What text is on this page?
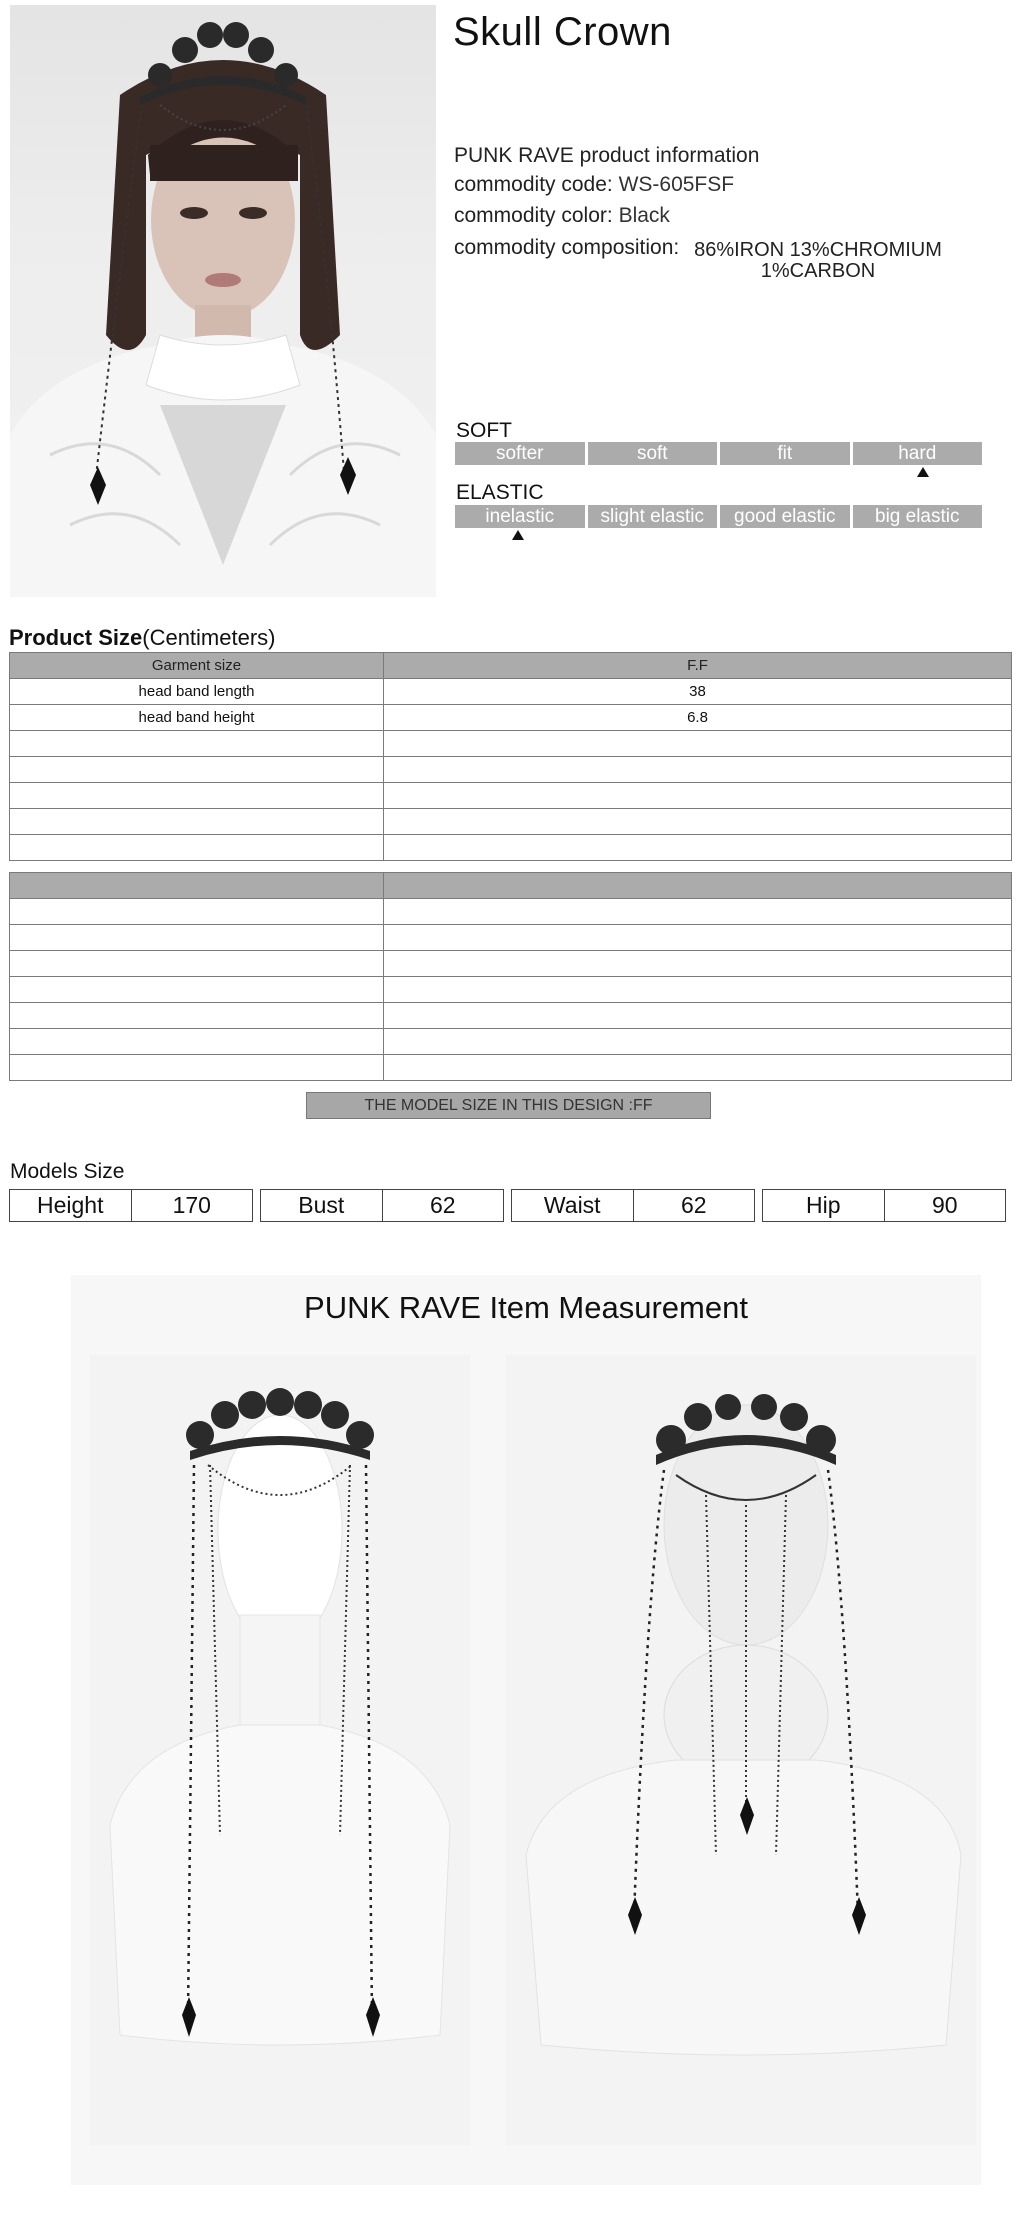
Skull Crown
PUNK RAVE product information
commodity code: WS-605FSF
commodity color: Black
commodity composition: 86%IRON 13%CHROMIUM
1%CARBON
SOFT
softer	soft	fit	hard
ELASTIC
inelastic	slight elastic	good elastic	big elastic
Product Size(Centimeters)
Garment size	F.F
head band length	38
head band height	6.8

THE MODEL SIZE IN THIS DESIGN :FF
Models Size
Height	170	Bust	62	Waist	62	Hip	90
PUNK RAVE Item Measurement
